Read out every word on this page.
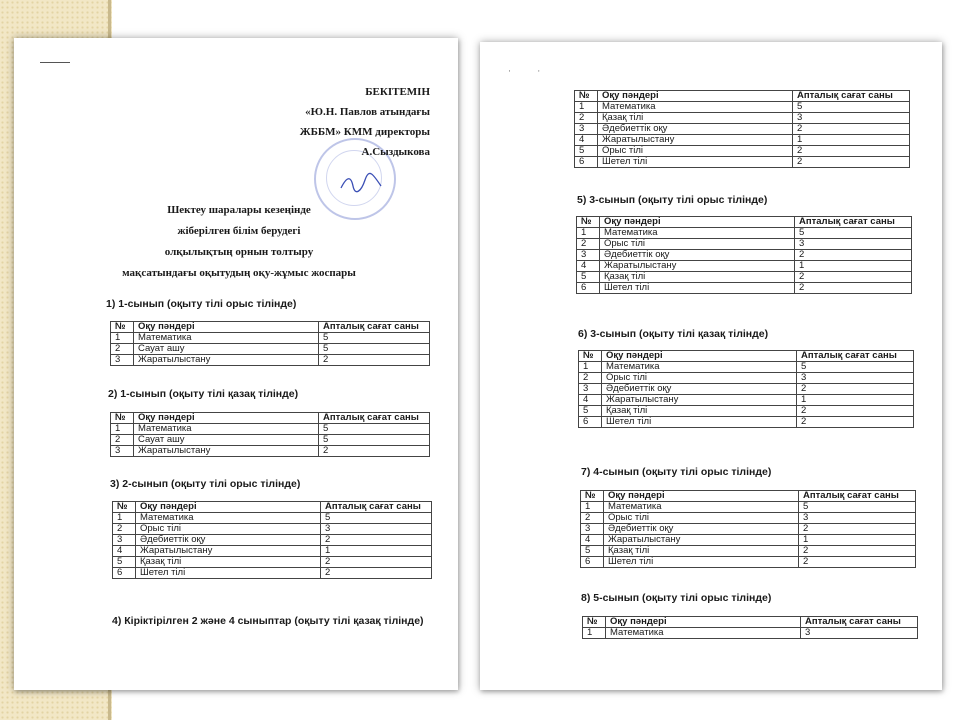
БЕКІТЕМІН
«Ю.Н. Павлов атындағы
ЖББМ» КММ директоры
А.Сыздыкова
Шектеу шаралары кезеңінде
жіберілген білім берудегі
олқылықтың орнын толтыру
мақсатындағы оқытудың оқу-жұмыс жоспары
1) 1-сынып (оқыту тілі орыс тілінде)
№	Оқу пәндері	Апталық сағат саны
1	Математика	5
2	Сауат ашу	5
3	Жаратылыстану	2
2) 1-сынып (оқыту тілі қазақ тілінде)
№	Оқу пәндері	Апталық сағат саны
1	Математика	5
2	Сауат ашу	5
3	Жаратылыстану	2
3) 2-сынып (оқыту тілі орыс тілінде)
№	Оқу пәндері	Апталық сағат саны
1	Математика	5
2	Орыс тілі	3
3	Әдебиеттік оқу	2
4	Жаратылыстану	1
5	Қазақ тілі	2
6	Шетел тілі	2
4) Кіріктірілген 2 және 4 сыныптар (оқыту тілі қазақ тілінде)
· ·
№	Оқу пәндері	Апталық сағат саны
1	Математика	5
2	Қазақ тілі	3
3	Әдебиеттік оқу	2
4	Жаратылыстану	1
5	Орыс тілі	2
6	Шетел тілі	2
5) 3-сынып (оқыту тілі орыс тілінде)
№	Оқу пәндері	Апталық сағат саны
1	Математика	5
2	Орыс тілі	3
3	Әдебиеттік оқу	2
4	Жаратылыстану	1
5	Қазақ тілі	2
6	Шетел тілі	2
6) 3-сынып (оқыту тілі қазақ тілінде)
№	Оқу пәндері	Апталық сағат саны
1	Математика	5
2	Орыс тілі	3
3	Әдебиеттік оқу	2
4	Жаратылыстану	1
5	Қазақ тілі	2
6	Шетел тілі	2
7) 4-сынып (оқыту тілі орыс тілінде)
№	Оқу пәндері	Апталық сағат саны
1	Математика	5
2	Орыс тілі	3
3	Әдебиеттік оқу	2
4	Жаратылыстану	1
5	Қазақ тілі	2
6	Шетел тілі	2
8) 5-сынып (оқыту тілі орыс тілінде)
№	Оқу пәндері	Апталық сағат саны
1	Математика	3
